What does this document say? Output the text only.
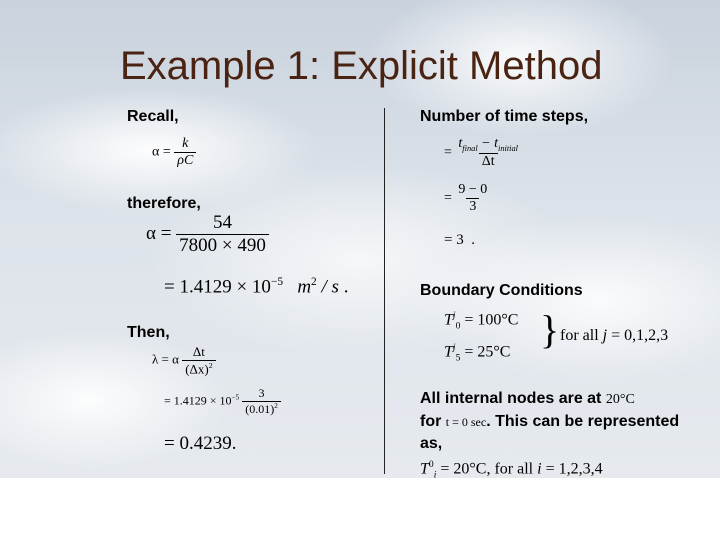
Example 1: Explicit Method
Recall,
$\alpha = \frac{k}{\rho C}$
therefore,
$\alpha = \frac{54}{7800 \times 490}$
= $1.4129 \times 10^{-5}$ $m^2$ / s .
Then,
λ = α $\frac{\Delta t}{(\Delta x)^2}$
= $1.4129 \times 10^{-5} \frac{3}{(0.01)^2}$
= 0.4239.
Number of time steps,
= $\frac{t_{final} - t_{initial}}{\Delta t}$
= $\frac{9 - 0}{3}$
= 3 .
Boundary Conditions
$T^j_0 = 100^\circ C$
$T^j_5 = 25^\circ C$ } for all j = 0,1,2,3
All internal nodes are at 20°C
for t = 0 sec. This can be represented as,
$T^0_i = 20^\circ C$, for all i = 1,2,3,4
